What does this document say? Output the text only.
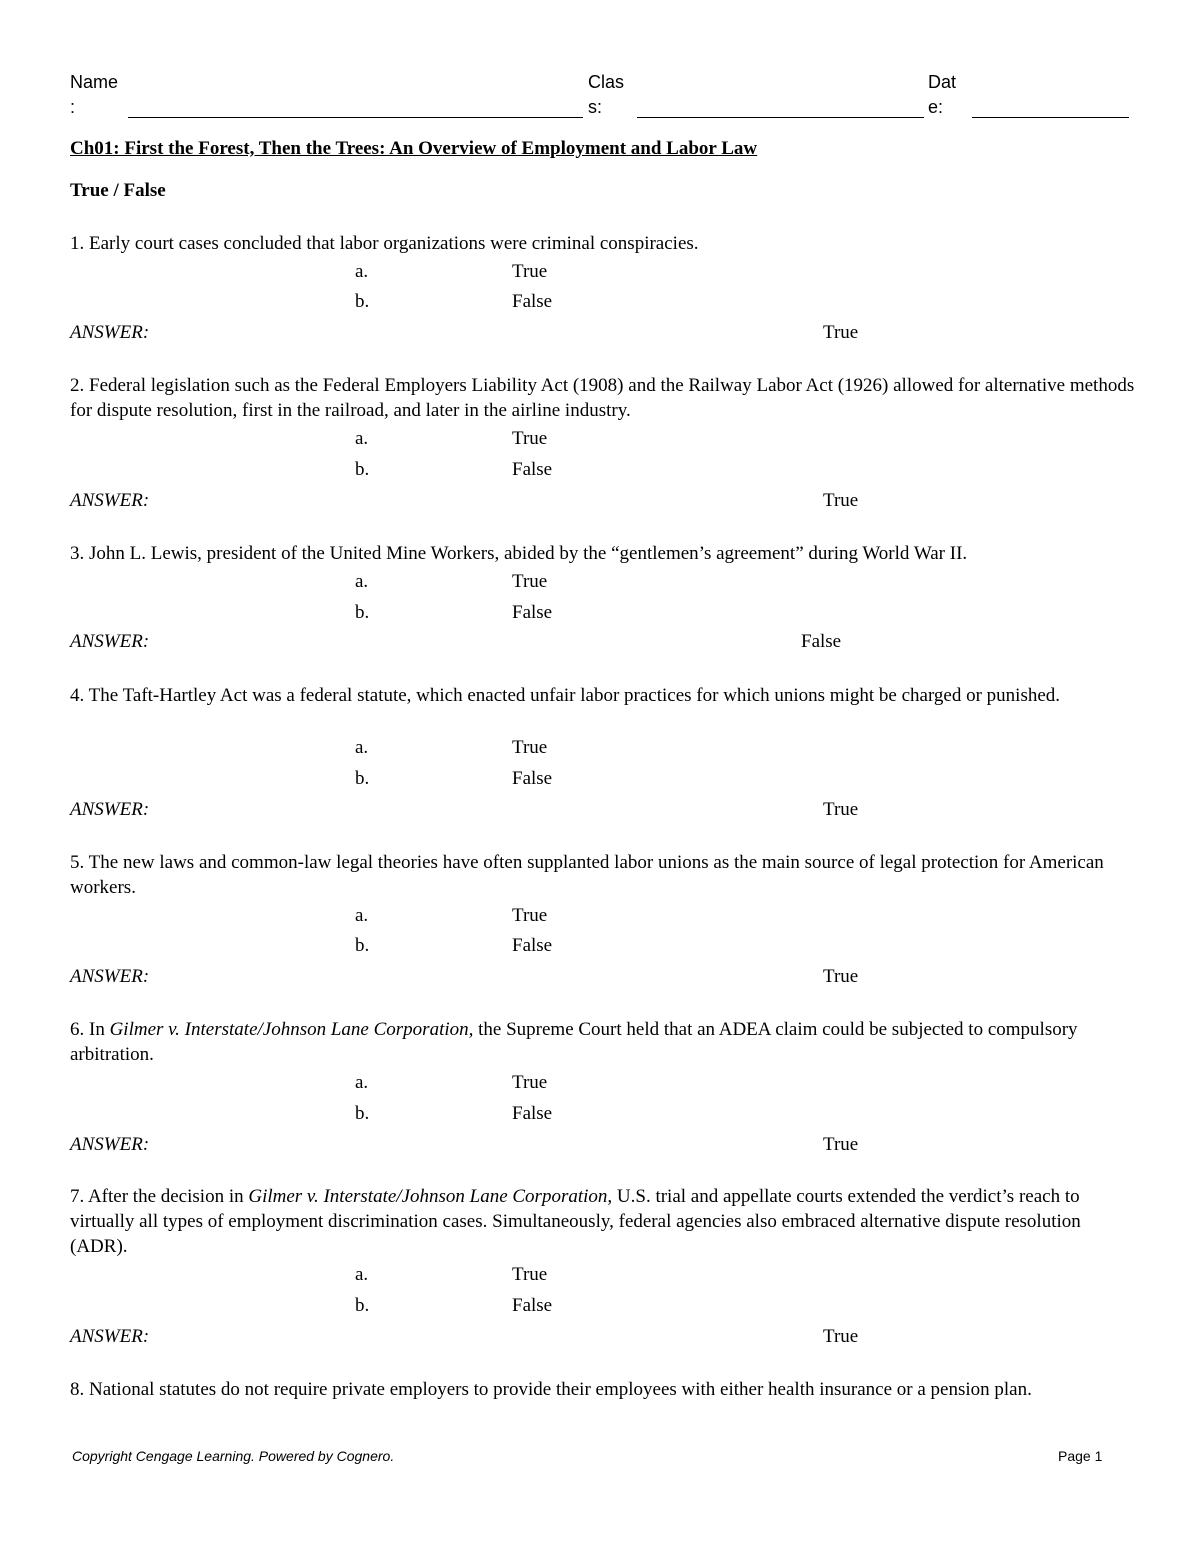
Name
:
Clas
s:
Dat
e:
Ch01: First the Forest, Then the Trees: An Overview of Employment and Labor Law
True / False
1. Early court cases concluded that labor organizations were criminal conspiracies.
a.	True
b.	False
ANSWER:	True
2. Federal legislation such as the Federal Employers Liability Act (1908) and the Railway Labor Act (1926) allowed for alternative methods for dispute resolution, first in the railroad, and later in the airline industry.
a.	True
b.	False
ANSWER:	True
3. John L. Lewis, president of the United Mine Workers, abided by the “gentlemen’s agreement” during World War II.
a.	True
b.	False
ANSWER:	False
4. The Taft-Hartley Act was a federal statute, which enacted unfair labor practices for which unions might be charged or punished.
a.	True
b.	False
ANSWER:	True
5. The new laws and common-law legal theories have often supplanted labor unions as the main source of legal protection for American workers.
a.	True
b.	False
ANSWER:	True
6. In Gilmer v. Interstate/Johnson Lane Corporation, the Supreme Court held that an ADEA claim could be subjected to compulsory arbitration.
a.	True
b.	False
ANSWER:	True
7. After the decision in Gilmer v. Interstate/Johnson Lane Corporation, U.S. trial and appellate courts extended the verdict’s reach to virtually all types of employment discrimination cases. Simultaneously, federal agencies also embraced alternative dispute resolution (ADR).
a.	True
b.	False
ANSWER:	True
8. National statutes do not require private employers to provide their employees with either health insurance or a pension plan.
Copyright Cengage Learning. Powered by Cognero.	Page 1
